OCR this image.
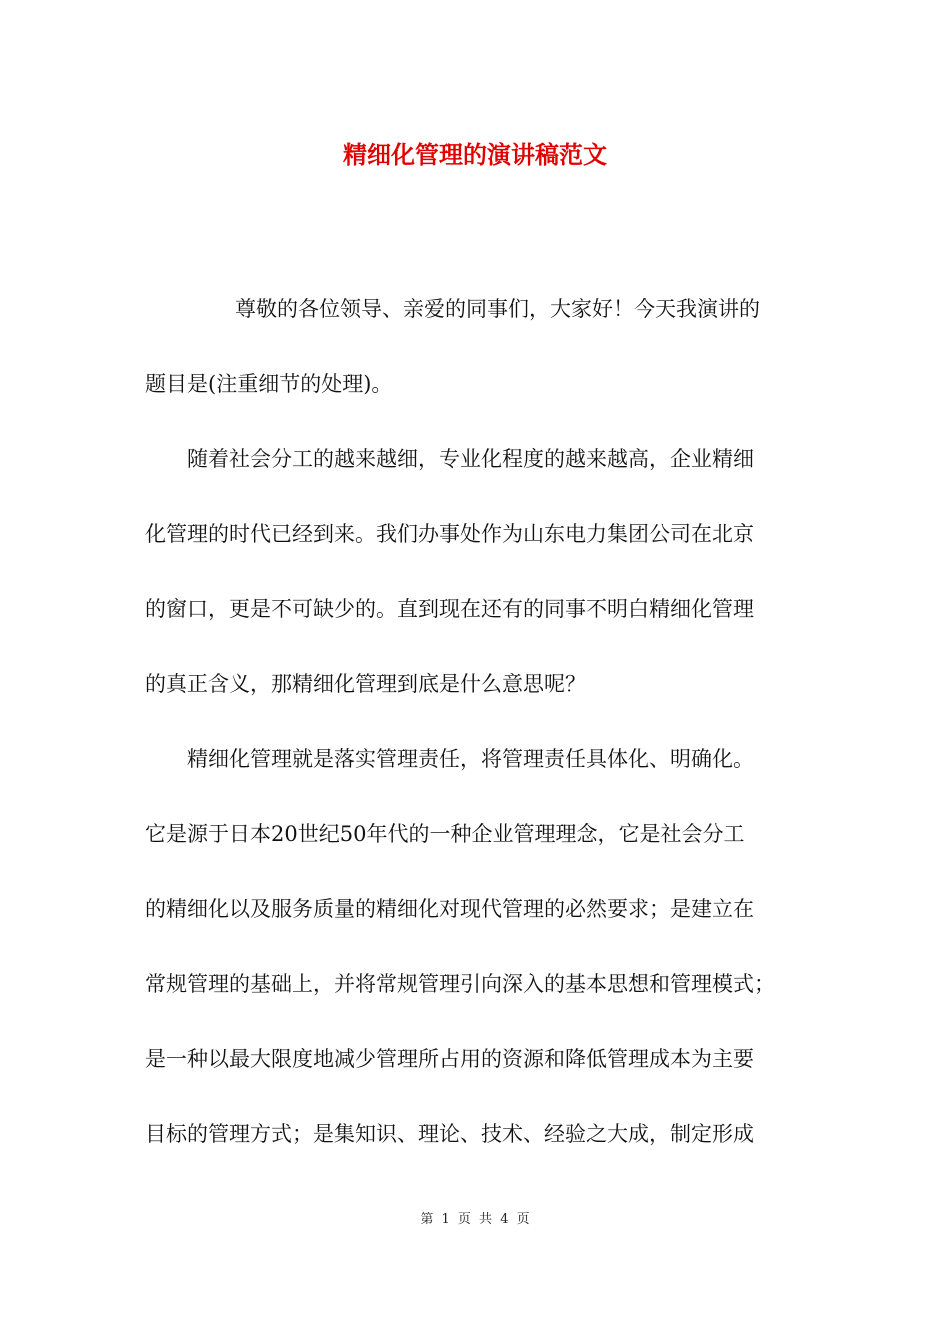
精细化管理的演讲稿范文
尊敬的各位领导、亲爱的同事们，大家好！今天我演讲的
题目是(注重细节的处理)。
随着社会分工的越来越细，专业化程度的越来越高，企业精细
化管理的时代已经到来。我们办事处作为山东电力集团公司在北京
的窗口，更是不可缺少的。直到现在还有的同事不明白精细化管理
的真正含义，那精细化管理到底是什么意思呢？
精细化管理就是落实管理责任，将管理责任具体化、明确化。
它是源于日本20世纪50年代的一种企业管理理念，它是社会分工
的精细化以及服务质量的精细化对现代管理的必然要求；是建立在
常规管理的基础上，并将常规管理引向深入的基本思想和管理模式；
是一种以最大限度地减少管理所占用的资源和降低管理成本为主要
目标的管理方式；是集知识、理论、技术、经验之大成，制定形成
第 1 页 共 4 页
